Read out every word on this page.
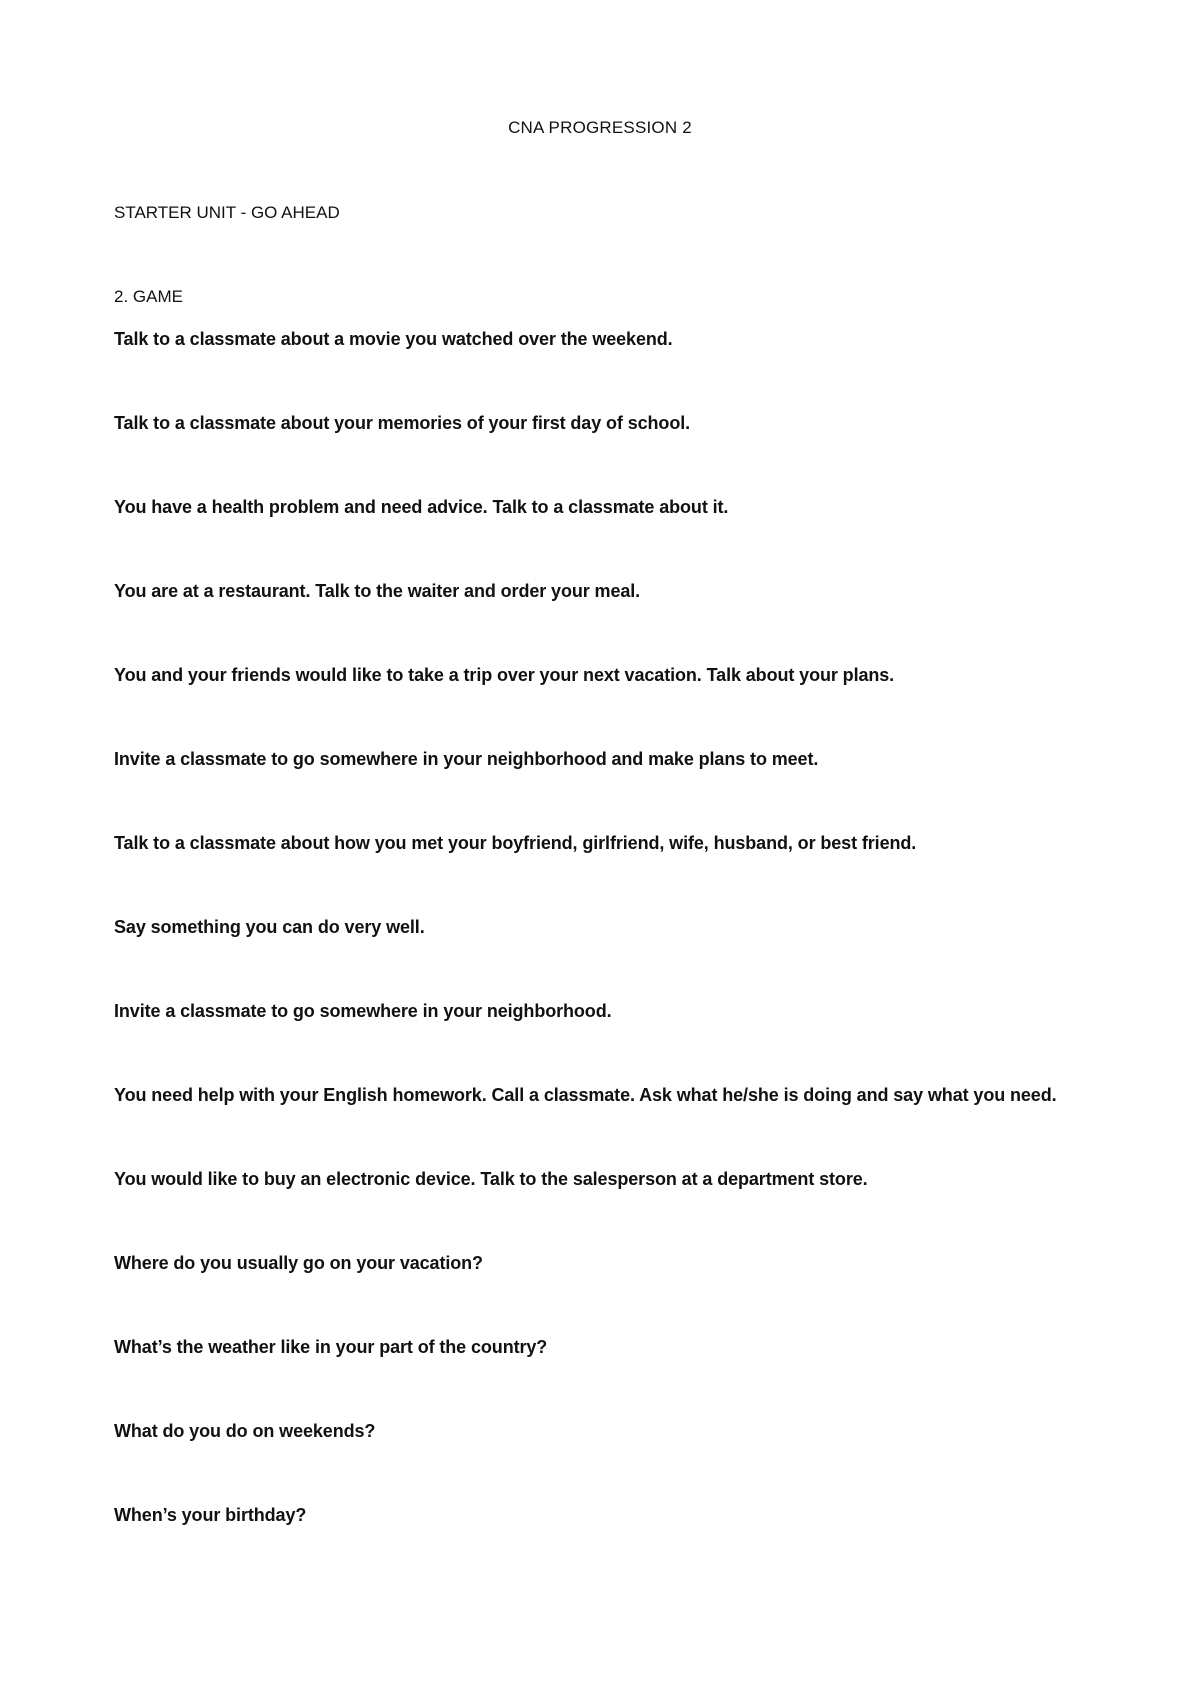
CNA PROGRESSION 2
STARTER UNIT - GO AHEAD
2. GAME
Talk to a classmate about a movie you watched over the weekend.
Talk to a classmate about your memories of your first day of school.
You have a health problem and need advice. Talk to a classmate about it.
You are at a restaurant. Talk to the waiter and order your meal.
You and your friends would like to take a trip over your next vacation. Talk about your plans.
Invite a classmate to go somewhere in your neighborhood and make plans to meet.
Talk to a classmate about how you met your boyfriend, girlfriend, wife, husband, or best friend.
Say something you can do very well.
Invite a classmate to go somewhere in your neighborhood.
You need help with your English homework. Call a classmate. Ask what he/she is doing and say what you need.
You would like to buy an electronic device. Talk to the salesperson at a department store.
Where do you usually go on your vacation?
What’s the weather like in your part of the country?
What do you do on weekends?
When’s your birthday?
